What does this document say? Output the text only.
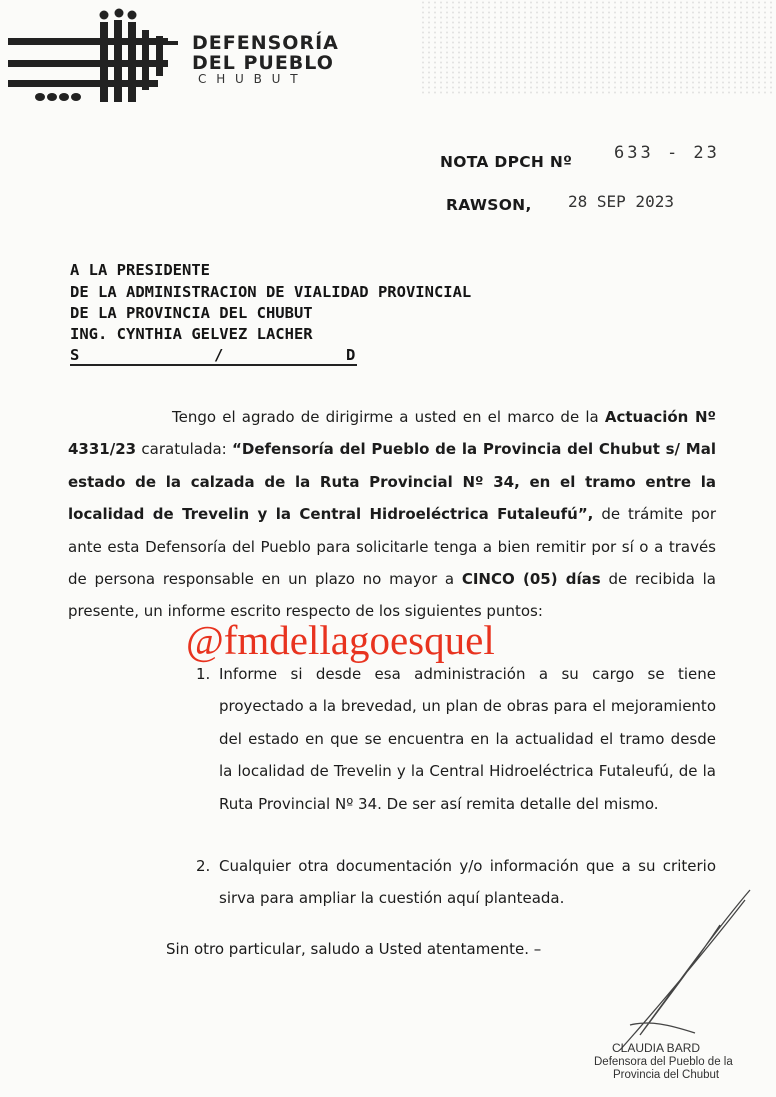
DEFENSORÍA
DEL PUEBLO
C H U B U T
NOTA DPCH Nº 633 - 23
RAWSON, 28 SEP 2023
A LA PRESIDENTE
DE LA ADMINISTRACION DE VIALIDAD PROVINCIAL
DE LA PROVINCIA DEL CHUBUT
ING. CYNTHIA GELVEZ LACHER
S	/	D
Tengo el agrado de dirigirme a usted en el marco de la Actuación Nº 4331/23 caratulada: “Defensoría del Pueblo de la Provincia del Chubut s/ Mal estado de la calzada de la Ruta Provincial Nº 34, en el tramo entre la localidad de Trevelin y la Central Hidroeléctrica Futaleufú”, de trámite por ante esta Defensoría del Pueblo para solicitarle tenga a bien remitir por sí o a través de persona responsable en un plazo no mayor a CINCO (05) días de recibida la presente, un informe escrito respecto de los siguientes puntos:
@fmdellagoesquel
1. Informe si desde esa administración a su cargo se tiene proyectado a la brevedad, un plan de obras para el mejoramiento del estado en que se encuentra en la actualidad el tramo desde la localidad de Trevelin y la Central Hidroeléctrica Futaleufú, de la Ruta Provincial Nº 34. De ser así remita detalle del mismo.
2. Cualquier otra documentación y/o información que a su criterio sirva para ampliar la cuestión aquí planteada.
Sin otro particular, saludo a Usted atentamente. –
CLAUDIA BARD
Defensora del Pueblo de la
Provincia del Chubut
